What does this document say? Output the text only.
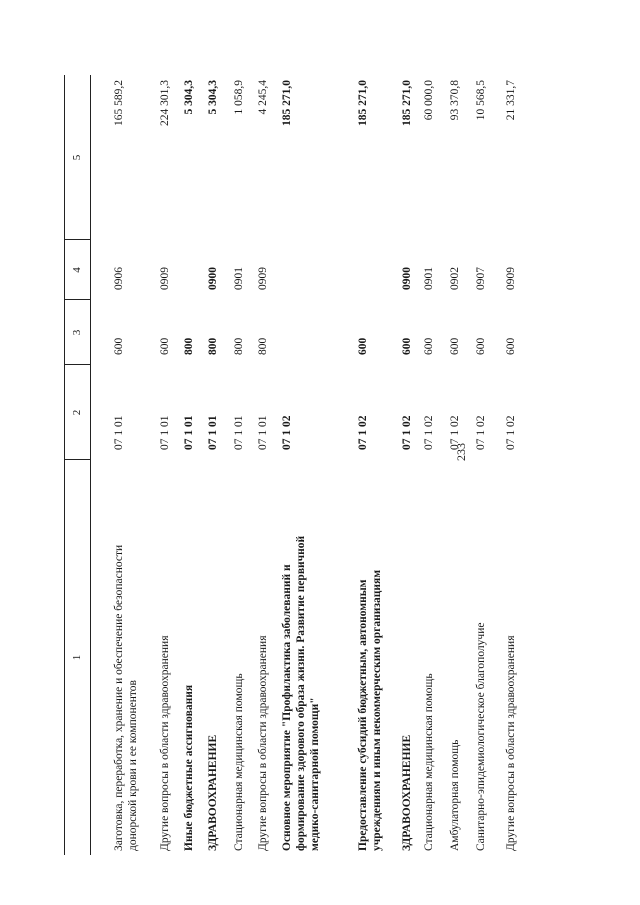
233
1
2
3
4
5
Заготовка, переработка, хранение и обеспечение безопасности донорской крови и ее компонентов
07 1 01
600
0906
165 589,2
Другие вопросы в области здравоохранения
07 1 01
600
0909
224 301,3
Иные бюджетные ассигнования
07 1 01
800
5 304,3
ЗДРАВООХРАНЕНИЕ
07 1 01
800
0900
5 304,3
Стационарная медицинская помощь
07 1 01
800
0901
1 058,9
Другие вопросы в области здравоохранения
07 1 01
800
0909
4 245,4
Основное мероприятие "Профилактика заболеваний и формирование здорового образа жизни. Развитие первичной медико-санитарной помощи"
07 1 02
185 271,0
Предоставление субсидий бюджетным, автономным учреждениям и иным некоммерческим организациям
07 1 02
600
185 271,0
ЗДРАВООХРАНЕНИЕ
07 1 02
600
0900
185 271,0
Стационарная медицинская помощь
07 1 02
600
0901
60 000,0
Амбулаторная помощь
07 1 02
600
0902
93 370,8
Санитарно-эпидемиологическое благополучие
07 1 02
600
0907
10 568,5
Другие вопросы в области здравоохранения
07 1 02
600
0909
21 331,7
